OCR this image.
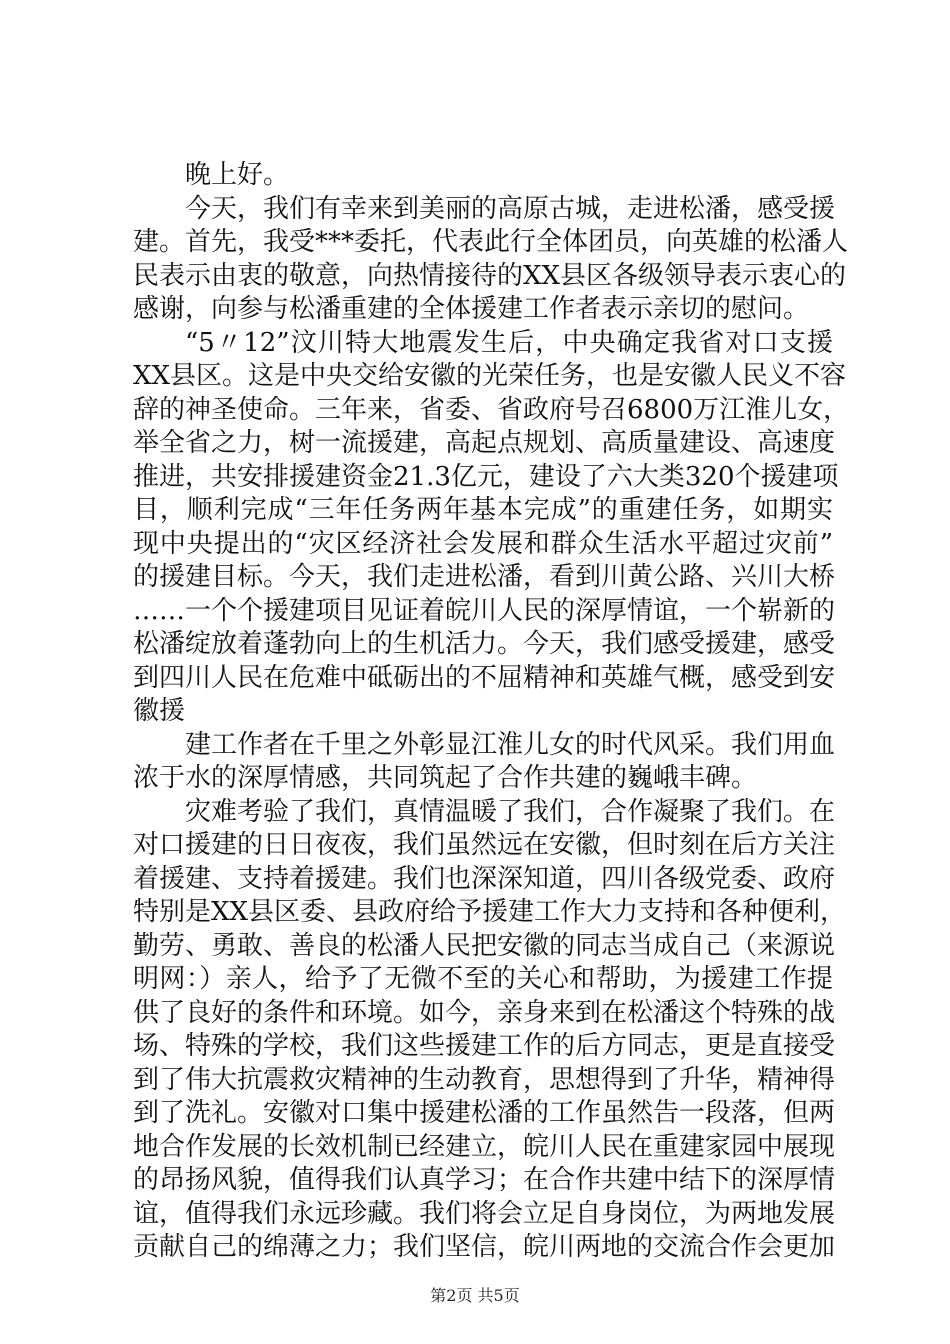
晚上好。
今天，我们有幸来到美丽的高原古城，走进松潘，感受援
建。首先，我受***委托，代表此行全体团员，向英雄的松潘人
民表示由衷的敬意，向热情接待的XX县区各级领导表示衷心的
感谢，向参与松潘重建的全体援建工作者表示亲切的慰问。
“5〃12”汶川特大地震发生后，中央确定我省对口支援
XX县区。这是中央交给安徽的光荣任务，也是安徽人民义不容
辞的神圣使命。三年来，省委、省政府号召6800万江淮儿女，
举全省之力，树一流援建，高起点规划、高质量建设、高速度
推进，共安排援建资金21.3亿元，建设了六大类320个援建项
目，顺利完成“三年任务两年基本完成”的重建任务，如期实
现中央提出的“灾区经济社会发展和群众生活水平超过灾前”
的援建目标。今天，我们走进松潘，看到川黄公路、兴川大桥
……一个个援建项目见证着皖川人民的深厚情谊，一个崭新的
松潘绽放着蓬勃向上的生机活力。今天，我们感受援建，感受
到四川人民在危难中砥砺出的不屈精神和英雄气概，感受到安
徽援
建工作者在千里之外彰显江淮儿女的时代风采。我们用血
浓于水的深厚情感，共同筑起了合作共建的巍峨丰碑。
灾难考验了我们，真情温暖了我们，合作凝聚了我们。在
对口援建的日日夜夜，我们虽然远在安徽，但时刻在后方关注
着援建、支持着援建。我们也深深知道，四川各级党委、政府
特别是XX县区委、县政府给予援建工作大力支持和各种便利，
勤劳、勇敢、善良的松潘人民把安徽的同志当成自己（来源说
明网：）亲人，给予了无微不至的关心和帮助，为援建工作提
供了良好的条件和环境。如今，亲身来到在松潘这个特殊的战
场、特殊的学校，我们这些援建工作的后方同志，更是直接受
到了伟大抗震救灾精神的生动教育，思想得到了升华，精神得
到了洗礼。安徽对口集中援建松潘的工作虽然告一段落，但两
地合作发展的长效机制已经建立，皖川人民在重建家园中展现
的昂扬风貌，值得我们认真学习；在合作共建中结下的深厚情
谊，值得我们永远珍藏。我们将会立足自身岗位，为两地发展
贡献自己的绵薄之力；我们坚信，皖川两地的交流合作会更加
第2页 共5页
